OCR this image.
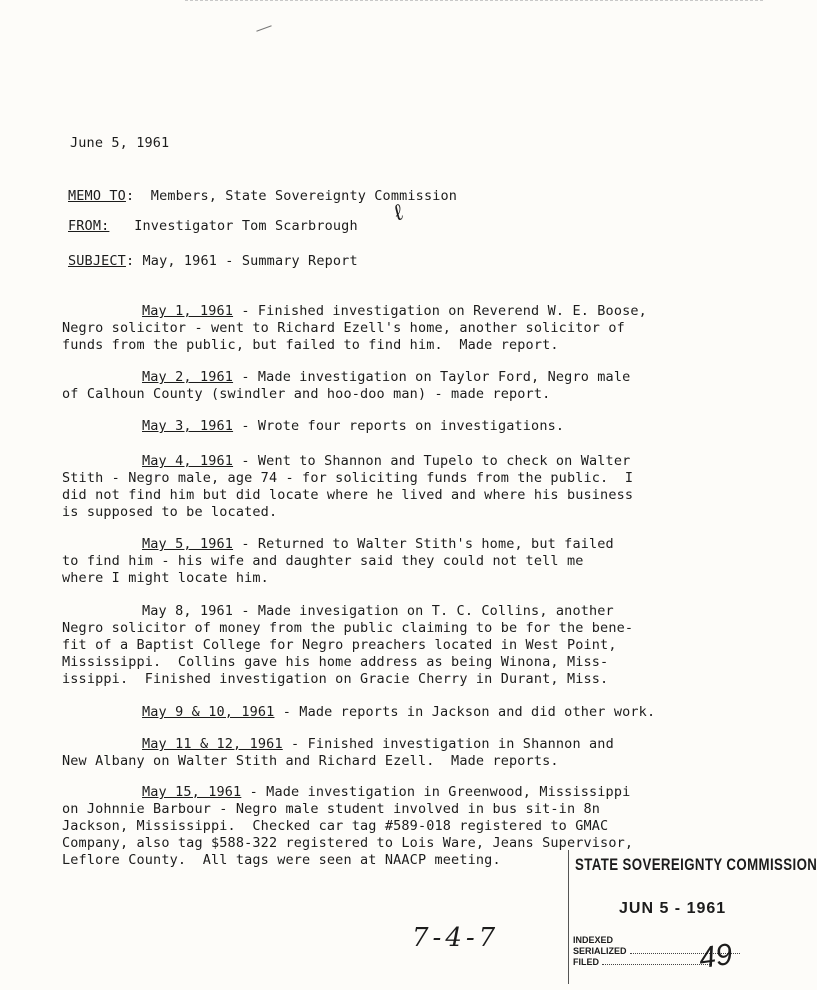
June 5, 1961
MEMO TO:  Members, State Sovereignty Commission
FROM:   Investigator Tom Scarbrough	ℓ
SUBJECT: May, 1961 - Summary Report
May 1, 1961 - Finished investigation on Reverend W. E. Boose,
Negro solicitor - went to Richard Ezell's home, another solicitor of
funds from the public, but failed to find him.  Made report.
May 2, 1961 - Made investigation on Taylor Ford, Negro male
of Calhoun County (swindler and hoo-doo man) - made report.
May 3, 1961 - Wrote four reports on investigations.
May 4, 1961 - Went to Shannon and Tupelo to check on Walter
Stith - Negro male, age 74 - for soliciting funds from the public.  I
did not find him but did locate where he lived and where his business
is supposed to be located.
May 5, 1961 - Returned to Walter Stith's home, but failed
to find him - his wife and daughter said they could not tell me
where I might locate him.
May 8, 1961 - Made invesigation on T. C. Collins, another
Negro solicitor of money from the public claiming to be for the bene-
fit of a Baptist College for Negro preachers located in West Point,
Mississippi.  Collins gave his home address as being Winona, Miss-
issippi.  Finished investigation on Gracie Cherry in Durant, Miss.
May 9 & 10, 1961 - Made reports in Jackson and did other work.
May 11 & 12, 1961 - Finished investigation in Shannon and
New Albany on Walter Stith and Richard Ezell.  Made reports.
May 15, 1961 - Made investigation in Greenwood, Mississippi
on Johnnie Barbour - Negro male student involved in bus sit-in 8n
Jackson, Mississippi.  Checked car tag #589-018 registered to GMAC
Company, also tag $588-322 registered to Lois Ware, Jeans Supervisor,
Leflore County.  All tags were seen at NAACP meeting.	STATE SOVEREIGNTY COMMISSION
JUN 5 - 1961
INDEXED
SERIALIZED
FILED	49
7-4-7
